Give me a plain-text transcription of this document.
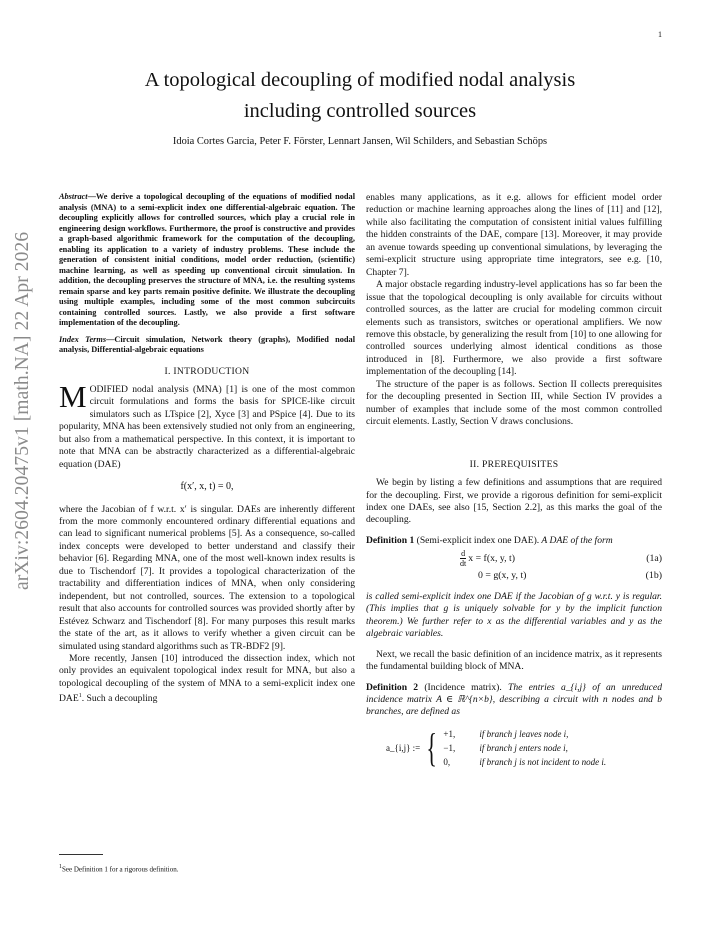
1
arXiv:2604.20475v1 [math.NA] 22 Apr 2026
A topological decoupling of modified nodal analysis
including controlled sources
Idoia Cortes Garcia, Peter F. Förster, Lennart Jansen, Wil Schilders, and Sebastian Schöps

Abstract—We derive a topological decoupling of the equations of modified nodal analysis (MNA) to a semi-explicit index one differential-algebraic equation. The decoupling explicitly allows for controlled sources, which play a crucial role in engineering design workflows. Furthermore, the proof is constructive and provides a graph-based algorithmic framework for the computation of the decoupling, enabling its application to a variety of industry problems. These include the generation of consistent initial conditions, model order reduction, (scientific) machine learning, as well as speeding up conventional circuit simulation. In addition, the decoupling preserves the structure of MNA, i.e. the resulting systems remain sparse and key parts remain positive definite. We illustrate the decoupling using multiple examples, including some of the most common subcircuits containing controlled sources. Lastly, we also provide a first software implementation of the decoupling.

Index Terms—Circuit simulation, Network theory (graphs), Modified nodal analysis, Differential-algebraic equations

I. INTRODUCTION

MODIFIED nodal analysis (MNA) [1] is one of the most common circuit formulations and forms the basis for SPICE-like circuit simulators such as LTspice [2], Xyce [3] and PSpice [4]. Due to its popularity, MNA has been extensively studied not only from an engineering, but also from a mathematical perspective. In this context, it is important to note that MNA can be abstractly characterized as a differential-algebraic equation (DAE)

f(x′, x, t) = 0,

where the Jacobian of f w.r.t. x′ is singular. DAEs are inherently different from the more commonly encountered ordinary differential equations and can lead to significant numerical problems [5]. As a consequence, so-called index concepts were developed to better understand and classify their behavior [6]. Regarding MNA, one of the most well-known index results is due to Tischendorf [7]. It provides a topological characterization of the tractability and differentiation indices of MNA, when only considering independent, but not controlled, sources. The extension to a topological result that also accounts for controlled sources was provided shortly after by Estévez Schwarz and Tischendorf [8]. For many purposes this result marks the state of the art, as it allows to verify whether a given circuit can be simulated using standard algorithms such as TR-BDF2 [9].

More recently, Jansen [10] introduced the dissection index, which not only provides an equivalent topological index result for MNA, but also a topological decoupling of the system of MNA to a semi-explicit index one DAE$^1$. Such a decoupling

$^1$See Definition 1 for a rigorous definition.

enables many applications, as it e.g. allows for efficient model order reduction or machine learning approaches along the lines of [11] and [12], while also facilitating the computation of consistent initial values fulfilling the hidden constraints of the DAE, compare [13]. Moreover, it may provide an avenue towards speeding up conventional simulations, by leveraging the semi-explicit structure using appropriate time integrators, see e.g. [10, Chapter 7].

A major obstacle regarding industry-level applications has so far been the issue that the topological decoupling is only available for circuits without controlled sources, as the latter are crucial for modeling common circuit elements such as transistors, switches or operational amplifiers. We now remove this obstacle, by generalizing the result from [10] to one allowing for controlled sources underlying almost identical conditions as those introduced in [8]. Furthermore, we also provide a first software implementation of the decoupling [14].

The structure of the paper is as follows. Section II collects prerequisites for the decoupling presented in Section III, while Section IV provides a number of examples that include some of the most common controlled circuit elements. Lastly, Section V draws conclusions.

II. PREREQUISITES

We begin by listing a few definitions and assumptions that are required for the decoupling. First, we provide a rigorous definition for semi-explicit index one DAEs, see also [15, Section 2.2], as this marks the goal of the decoupling.

Definition 1 (Semi-explicit index one DAE). A DAE of the form

$\frac{d}{dt}$ x = f(x, y, t)	(1a)
0 = g(x, y, t)	(1b)

is called semi-explicit index one DAE if the Jacobian of g w.r.t. y is regular. (This implies that g is uniquely solvable for y by the implicit function theorem.) We further refer to x as the differential variables and y as the algebraic variables.

Next, we recall the basic definition of an incidence matrix, as it represents the fundamental building block of MNA.

Definition 2 (Incidence matrix). The entries a_{i,j} of an unreduced incidence matrix A ∈ ℝ^{n×b}, describing a circuit with n nodes and b branches, are defined as

a_{i,j} := { +1,	if branch j leaves node i,
−1,	if branch j enters node i,
0,	if branch j is not incident to node i.
